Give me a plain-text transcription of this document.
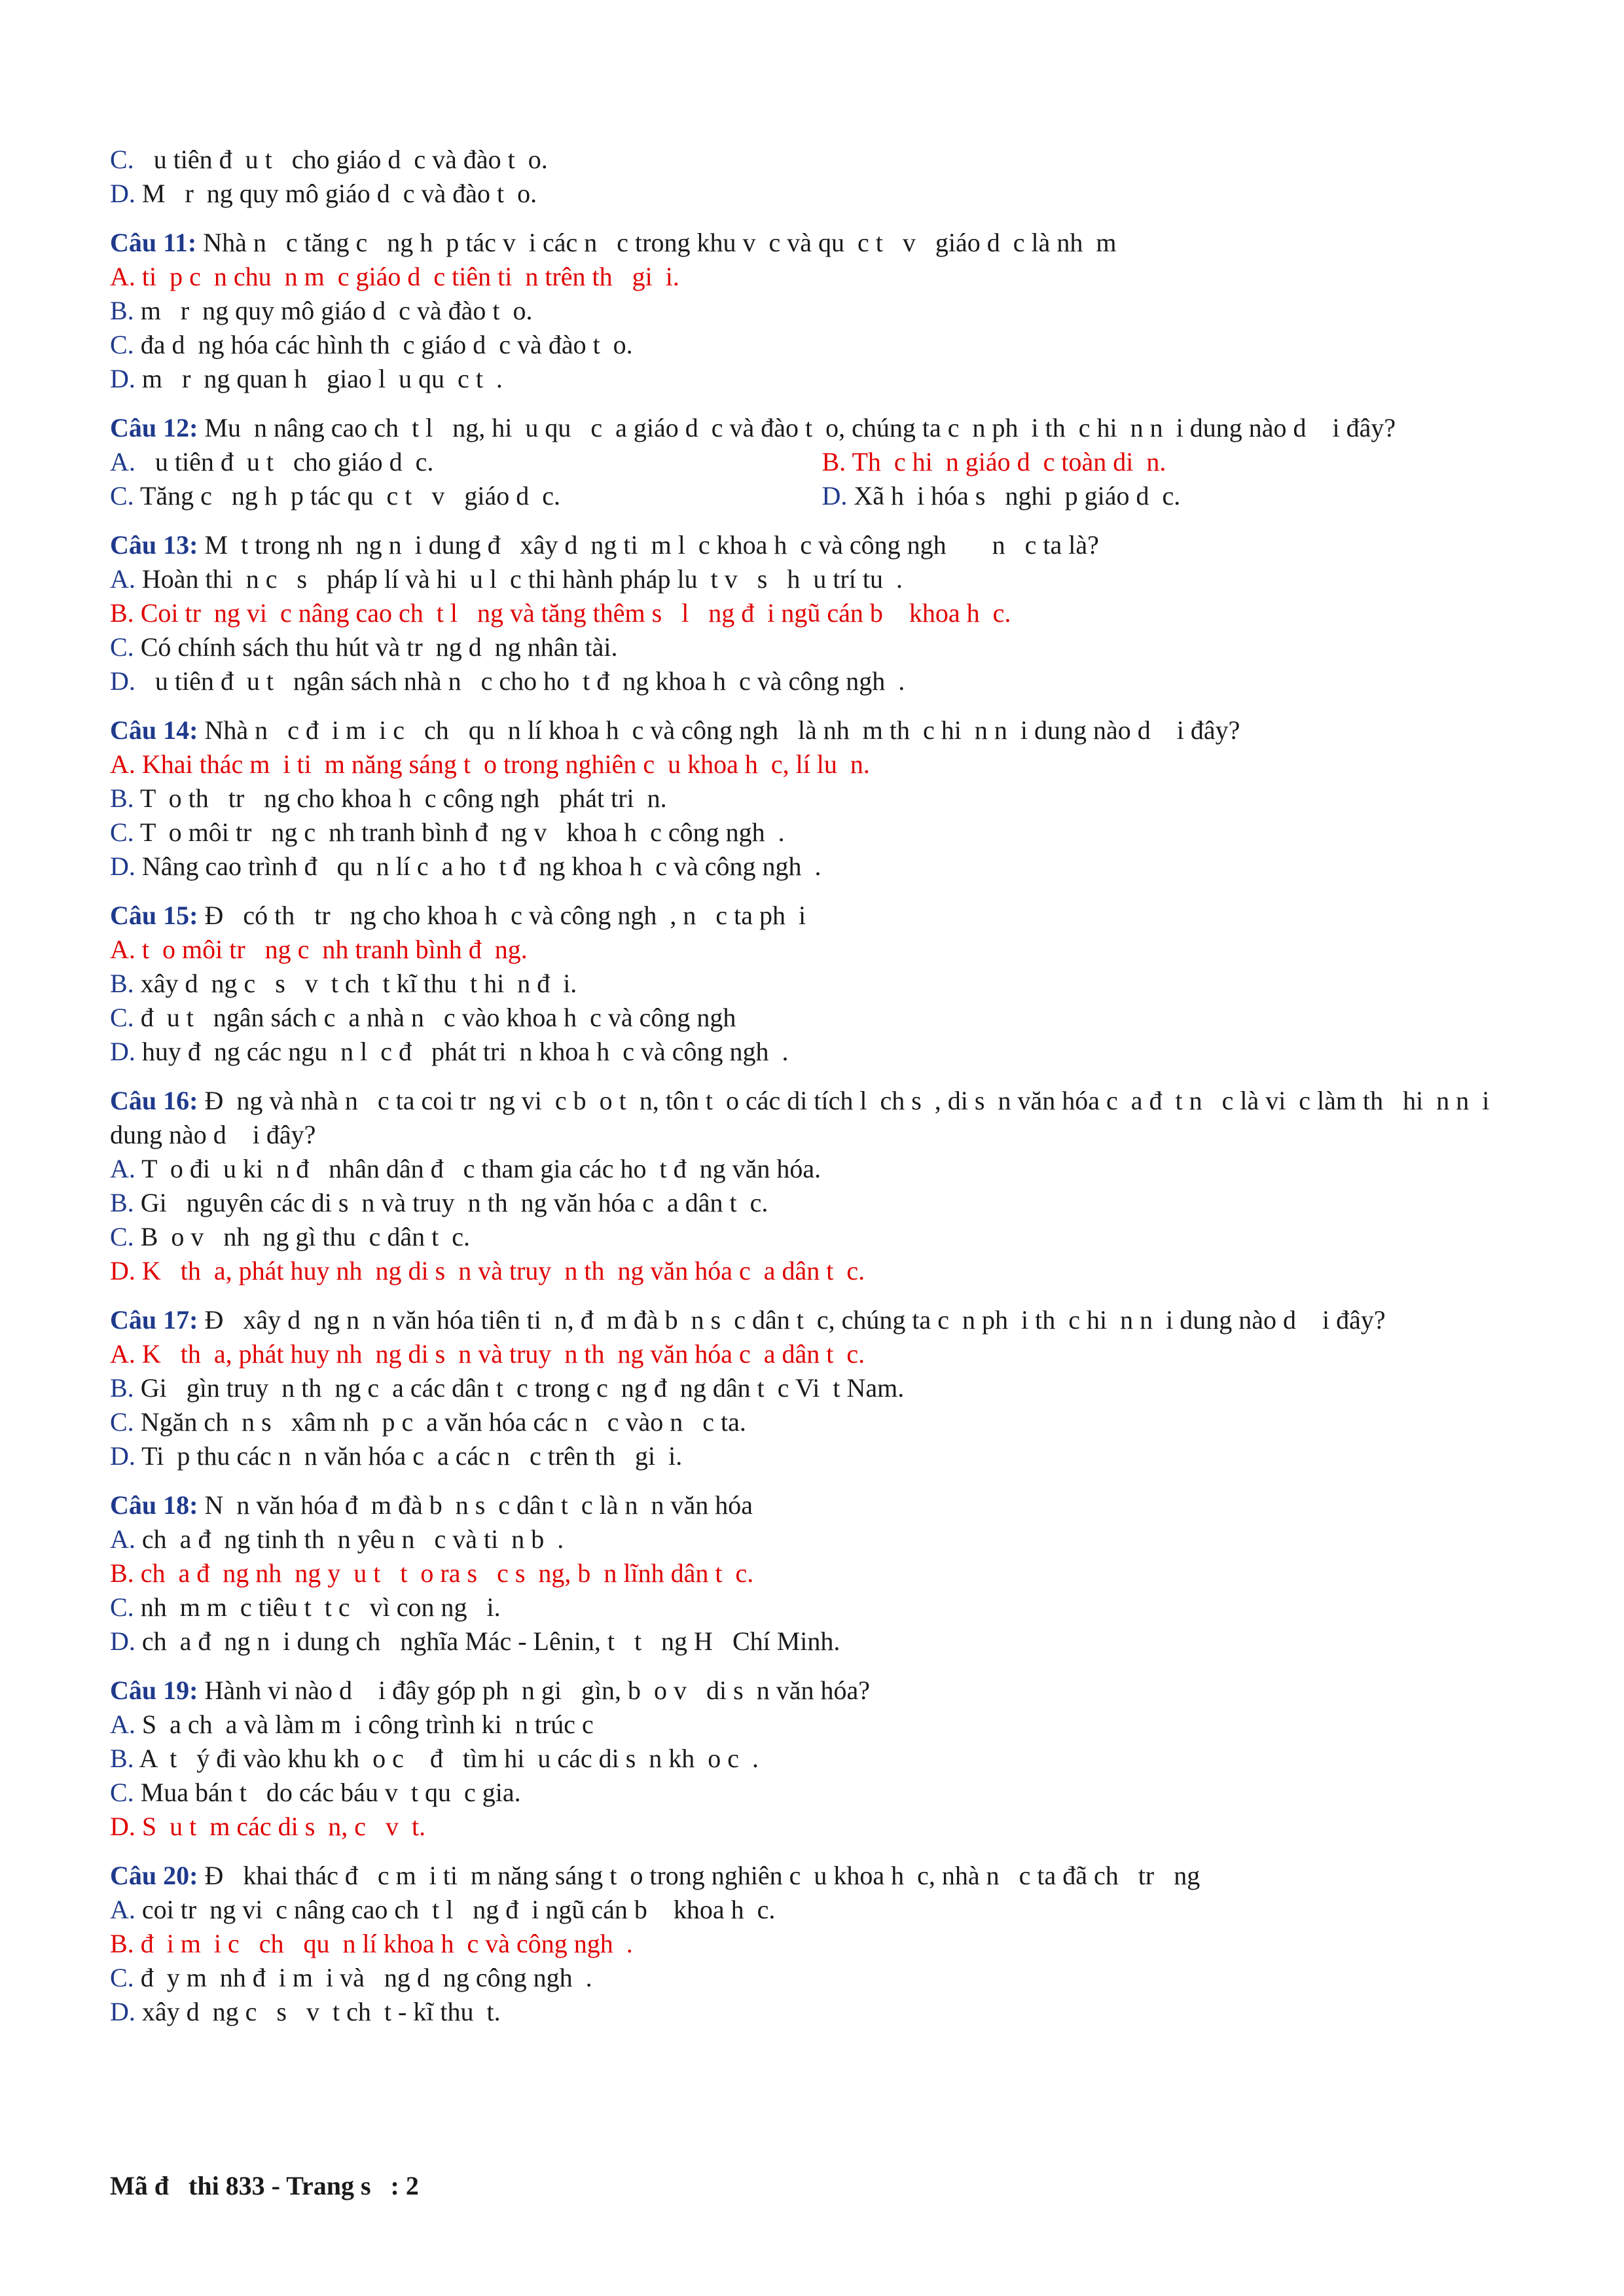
C.   u tiên đ  u t   cho giáo d  c và đào t  o.
D. M   r  ng quy mô giáo d  c và đào t  o.
Câu 11: Nhà n   c tăng c   ng h  p tác v  i các n   c trong khu v  c và qu  c t   v   giáo d  c là nh  m
A. ti  p c  n chu  n m  c giáo d  c tiên ti  n trên th   gi  i.
B. m   r  ng quy mô giáo d  c và đào t  o.
C. đa d  ng hóa các hình th  c giáo d  c và đào t  o.
D. m   r  ng quan h   giao l  u qu  c t  .
Câu 12: Mu  n nâng cao ch  t l   ng, hi  u qu   c  a giáo d  c và đào t  o, chúng ta c  n ph  i th  c hi  n n  i dung nào d    i đây?
A.   u tiên đ  u t   cho giáo d  c.	B. Th  c hi  n giáo d  c toàn di  n.
C. Tăng c   ng h  p tác qu  c t   v   giáo d  c.	D. Xã h  i hóa s   nghi  p giáo d  c.
Câu 13: M  t trong nh  ng n  i dung đ   xây d  ng ti  m l  c khoa h  c và công ngh       n   c ta là?
A. Hoàn thi  n c   s   pháp lí và hi  u l  c thi hành pháp lu  t v   s   h  u trí tu  .
B. Coi tr  ng vi  c nâng cao ch  t l   ng và tăng thêm s   l   ng đ  i ngũ cán b    khoa h  c.
C. Có chính sách thu hút và tr  ng d  ng nhân tài.
D.   u tiên đ  u t   ngân sách nhà n   c cho ho  t đ  ng khoa h  c và công ngh  .
Câu 14: Nhà n   c đ  i m  i c   ch   qu  n lí khoa h  c và công ngh   là nh  m th  c hi  n n  i dung nào d    i đây?
A. Khai thác m  i ti  m năng sáng t  o trong nghiên c  u khoa h  c, lí lu  n.
B. T  o th   tr   ng cho khoa h  c công ngh   phát tri  n.
C. T  o môi tr   ng c  nh tranh bình đ  ng v   khoa h  c công ngh  .
D. Nâng cao trình đ   qu  n lí c  a ho  t đ  ng khoa h  c và công ngh  .
Câu 15: Đ   có th   tr   ng cho khoa h  c và công ngh  , n   c ta ph  i
A. t  o môi tr   ng c  nh tranh bình đ  ng.
B. xây d  ng c   s   v  t ch  t kĩ thu  t hi  n đ  i.
C. đ  u t   ngân sách c  a nhà n   c vào khoa h  c và công ngh
D. huy đ  ng các ngu  n l  c đ   phát tri  n khoa h  c và công ngh  .
Câu 16: Đ  ng và nhà n   c ta coi tr  ng vi  c b  o t  n, tôn t  o các di tích l  ch s  , di s  n văn hóa c  a đ  t n   c là vi  c làm th   hi  n n  i dung nào d    i đây?
A. T  o đi  u ki  n đ   nhân dân đ   c tham gia các ho  t đ  ng văn hóa.
B. Gi   nguyên các di s  n và truy  n th  ng văn hóa c  a dân t  c.
C. B  o v   nh  ng gì thu  c dân t  c.
D. K   th  a, phát huy nh  ng di s  n và truy  n th  ng văn hóa c  a dân t  c.
Câu 17: Đ   xây d  ng n  n văn hóa tiên ti  n, đ  m đà b  n s  c dân t  c, chúng ta c  n ph  i th  c hi  n n  i dung nào d    i đây?
A. K   th  a, phát huy nh  ng di s  n và truy  n th  ng văn hóa c  a dân t  c.
B. Gi   gìn truy  n th  ng c  a các dân t  c trong c  ng đ  ng dân t  c Vi  t Nam.
C. Ngăn ch  n s   xâm nh  p c  a văn hóa các n   c vào n   c ta.
D. Ti  p thu các n  n văn hóa c  a các n   c trên th   gi  i.
Câu 18: N  n văn hóa đ  m đà b  n s  c dân t  c là n  n văn hóa
A. ch  a đ  ng tinh th  n yêu n   c và ti  n b  .
B. ch  a đ  ng nh  ng y  u t   t  o ra s   c s  ng, b  n lĩnh dân t  c.
C. nh  m m  c tiêu t  t c   vì con ng   i.
D. ch  a đ  ng n  i dung ch   nghĩa Mác - Lênin, t   t   ng H   Chí Minh.
Câu 19: Hành vi nào d    i đây góp ph  n gi   gìn, b  o v   di s  n văn hóa?
A. S  a ch  a và làm m  i công trình ki  n trúc c
B. A  t   ý đi vào khu kh  o c    đ   tìm hi  u các di s  n kh  o c  .
C. Mua bán t   do các báu v  t qu  c gia.
D. S  u t  m các di s  n, c   v  t.
Câu 20: Đ   khai thác đ   c m  i ti  m năng sáng t  o trong nghiên c  u khoa h  c, nhà n   c ta đã ch   tr   ng
A. coi tr  ng vi  c nâng cao ch  t l   ng đ  i ngũ cán b    khoa h  c.
B. đ  i m  i c   ch   qu  n lí khoa h  c và công ngh  .
C. đ  y m  nh đ  i m  i và   ng d  ng công ngh  .
D. xây d  ng c   s   v  t ch  t - kĩ thu  t.
Mã đ   thi 833 - Trang s   : 2
